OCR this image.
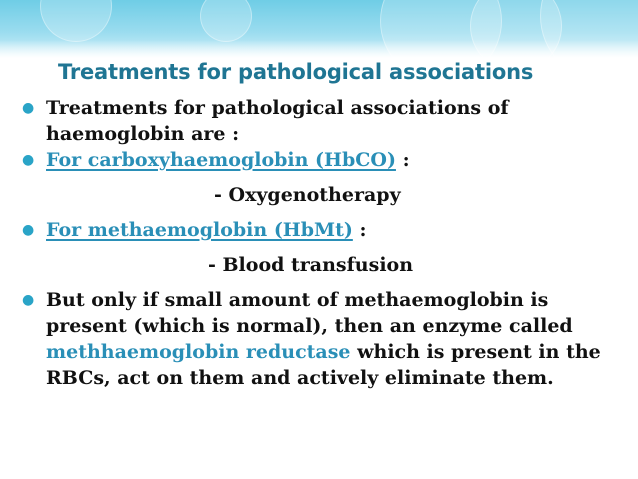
Treatments for pathological associations

● Treatments for pathological associations of haemoglobin are :

● For carboxyhaemoglobin (HbCO) :

- Oxygenotherapy

● For methaemoglobin (HbMt) :

- Blood transfusion

● But only if small amount of methaemoglobin is present (which is normal), then an enzyme called methhaemoglobin reductase which is present in the RBCs, act on them and actively eliminate them.
